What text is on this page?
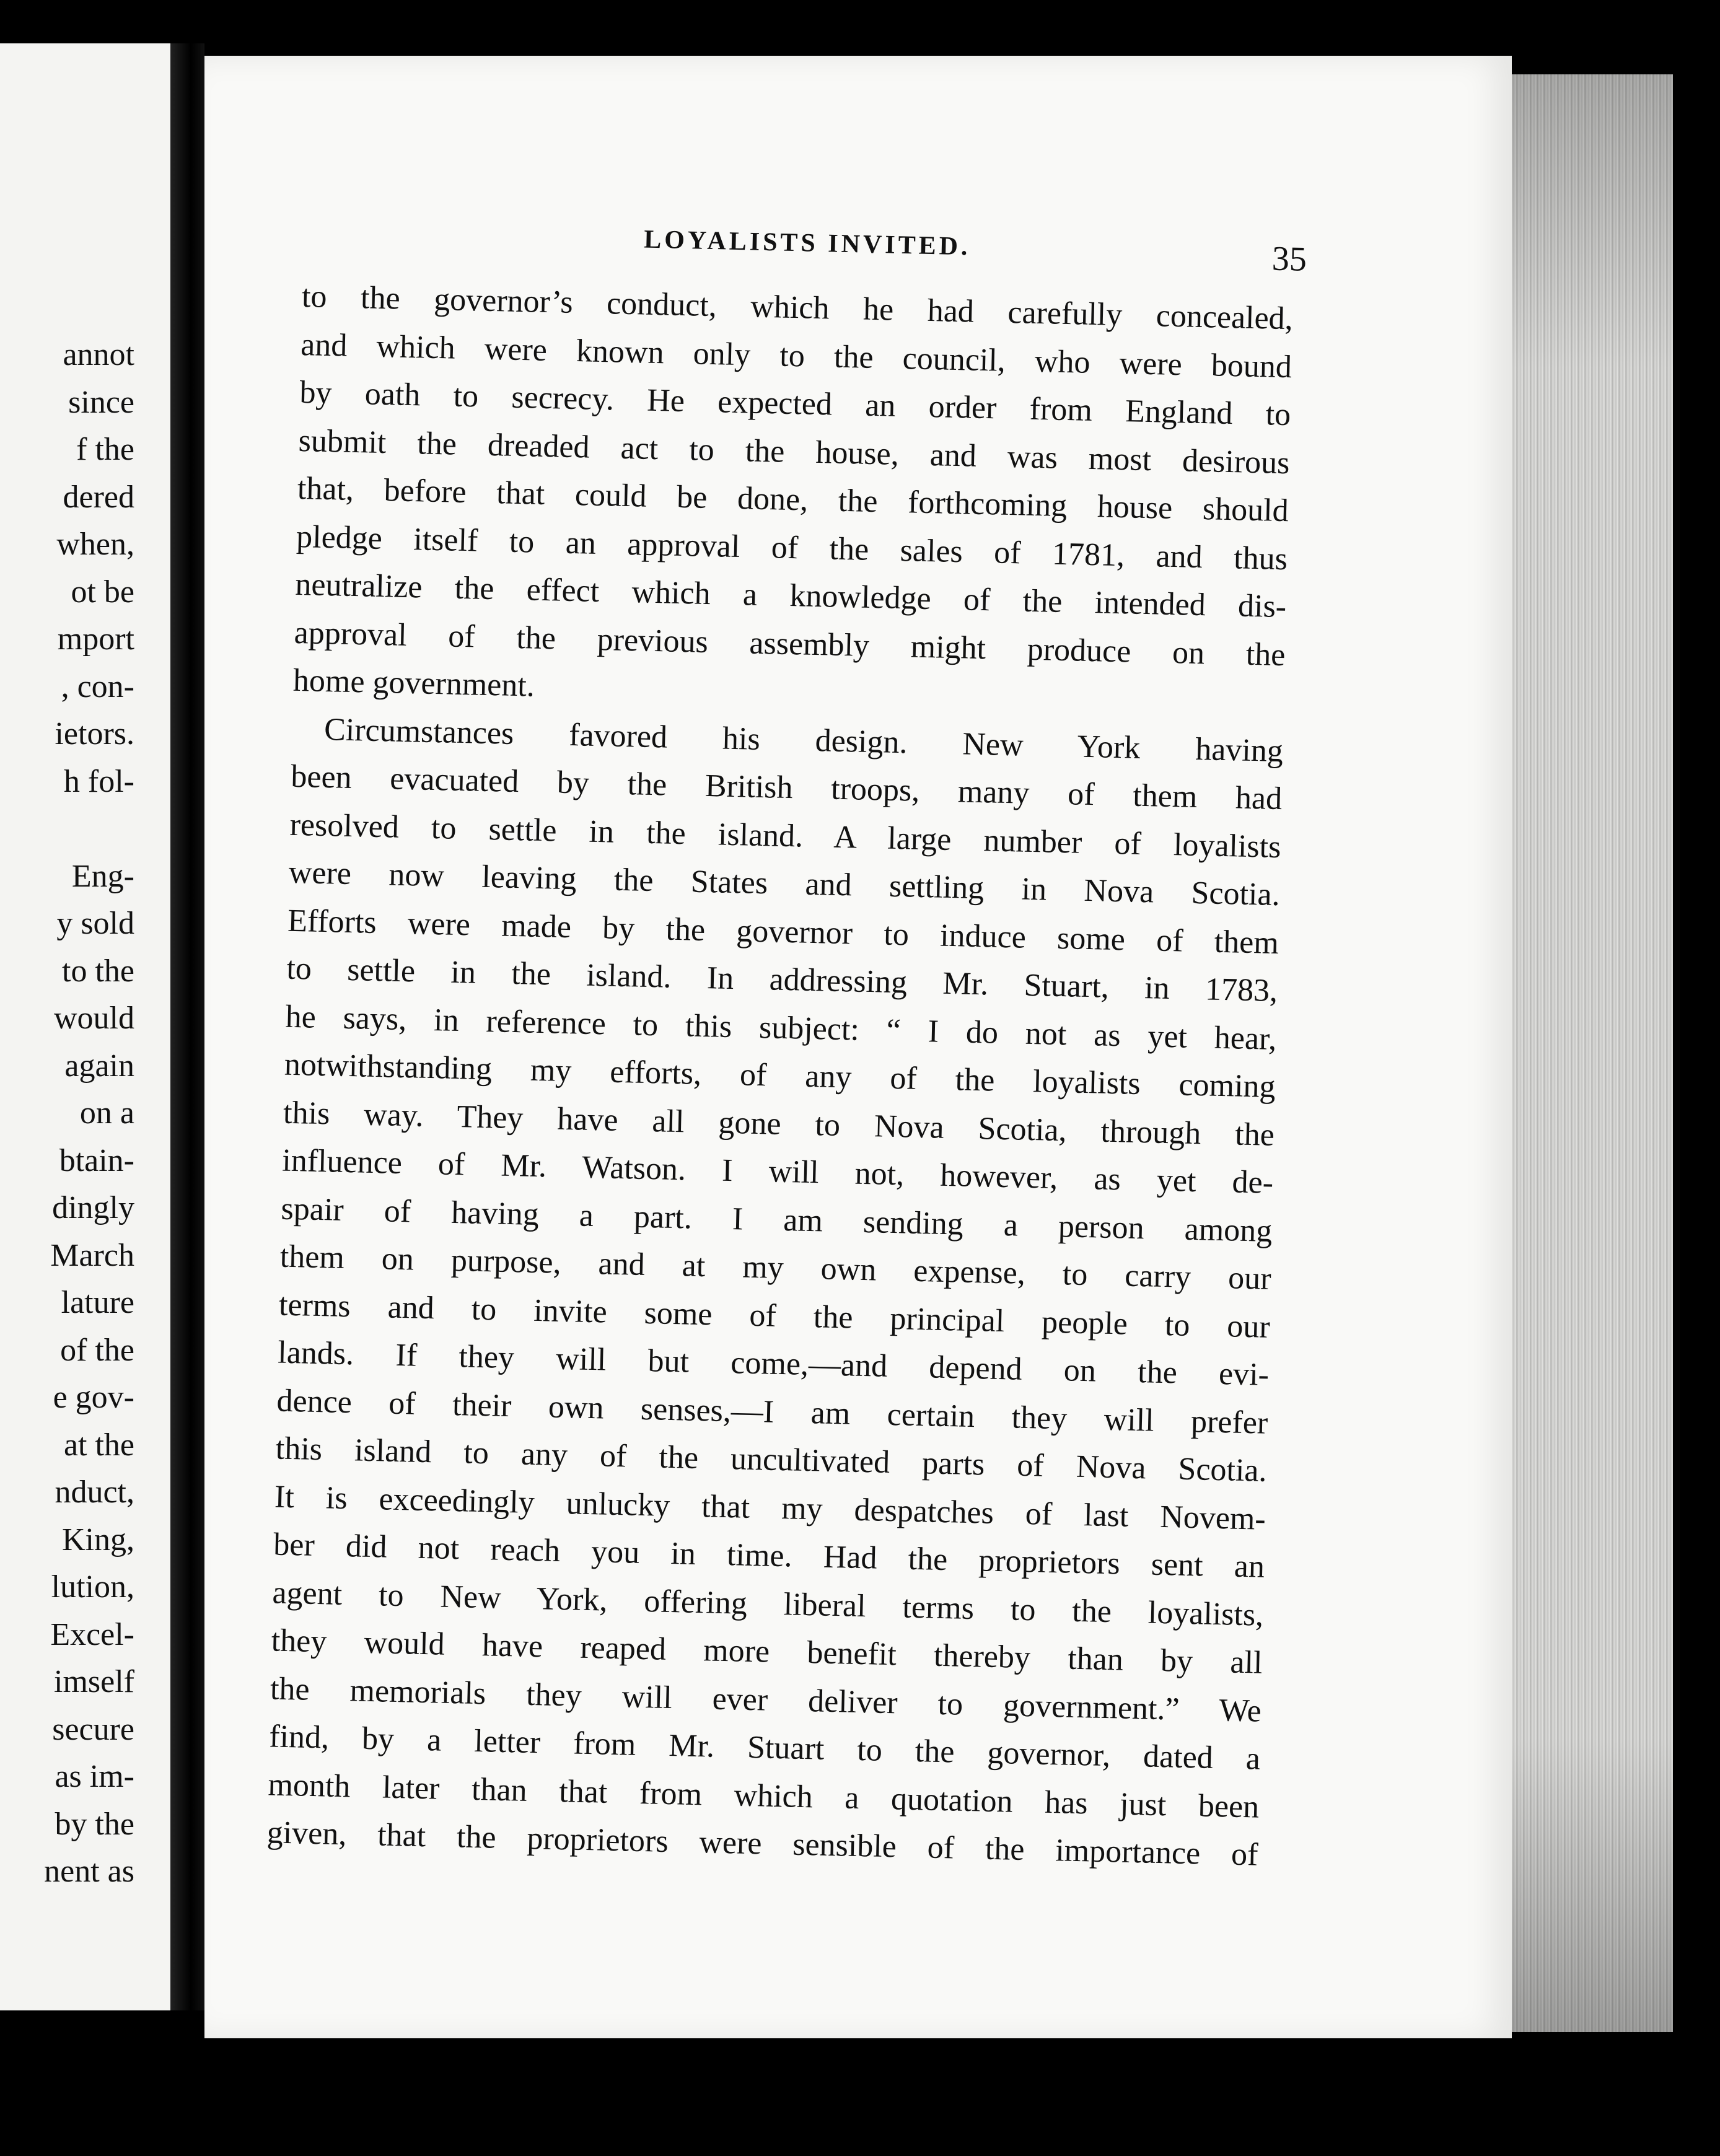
annot
since
f the
dered
when,
ot be
mport
, con-
ietors.
h fol-
Eng-
y sold
to the
would
again
on a
btain-
dingly
March
lature
of the
e gov-
at the
nduct,
King,
lution,
Excel-
imself
secure
as im-
by the
nent as
LOYALISTS INVITED.	35
to the governor’s conduct, which he had carefully concealed,
and which were known only to the council, who were bound
by oath to secrecy. He expected an order from England to
submit the dreaded act to the house, and was most desirous
that, before that could be done, the forthcoming house should
pledge itself to an approval of the sales of 1781, and thus
neutralize the effect which a knowledge of the intended dis-
approval of the previous assembly might produce on the
home government.
Circumstances favored his design. New York having
been evacuated by the British troops, many of them had
resolved to settle in the island. A large number of loyalists
were now leaving the States and settling in Nova Scotia.
Efforts were made by the governor to induce some of them
to settle in the island. In addressing Mr. Stuart, in 1783,
he says, in reference to this subject: “ I do not as yet hear,
notwithstanding my efforts, of any of the loyalists coming
this way. They have all gone to Nova Scotia, through the
influence of Mr. Watson. I will not, however, as yet de-
spair of having a part. I am sending a person among
them on purpose, and at my own expense, to carry our
terms and to invite some of the principal people to our
lands. If they will but come,—and depend on the evi-
dence of their own senses,—I am certain they will prefer
this island to any of the uncultivated parts of Nova Scotia.
It is exceedingly unlucky that my despatches of last Novem-
ber did not reach you in time. Had the proprietors sent an
agent to New York, offering liberal terms to the loyalists,
they would have reaped more benefit thereby than by all
the memorials they will ever deliver to government.” We
find, by a letter from Mr. Stuart to the governor, dated a
month later than that from which a quotation has just been
given, that the proprietors were sensible of the importance of
